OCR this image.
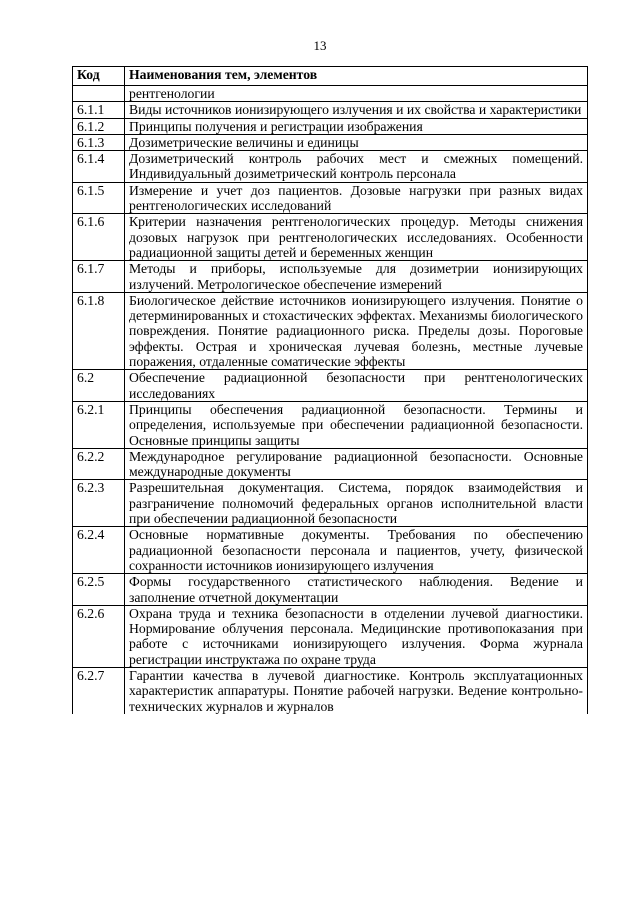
13
Код	Наименования тем, элементов
	рентгенологии
6.1.1	Виды источников ионизирующего излучения и их свойства и характеристики
6.1.2	Принципы получения и регистрации изображения
6.1.3	Дозиметрические величины и единицы
6.1.4	Дозиметрический контроль рабочих мест и смежных помещений. Индивидуальный дозиметрический контроль персонала
6.1.5	Измерение и учет доз пациентов. Дозовые нагрузки при разных видах рентгенологических исследований
6.1.6	Критерии назначения рентгенологических процедур. Методы снижения дозовых нагрузок при рентгенологических исследованиях. Особенности радиационной защиты детей и беременных женщин
6.1.7	Методы и приборы, используемые для дозиметрии ионизирующих излучений. Метрологическое обеспечение измерений
6.1.8	Биологическое действие источников ионизирующего излучения. Понятие о детерминированных и стохастических эффектах. Механизмы биологического повреждения. Понятие радиационного риска. Пределы дозы. Пороговые эффекты. Острая и хроническая лучевая болезнь, местные лучевые поражения, отдаленные соматические эффекты
6.2	Обеспечение радиационной безопасности при рентгенологических исследованиях
6.2.1	Принципы обеспечения радиационной безопасности. Термины и определения, используемые при обеспечении радиационной безопасности. Основные принципы защиты
6.2.2	Международное регулирование радиационной безопасности. Основные международные документы
6.2.3	Разрешительная документация. Система, порядок взаимодействия и разграничение полномочий федеральных органов исполнительной власти при обеспечении радиационной безопасности
6.2.4	Основные нормативные документы. Требования по обеспечению радиационной безопасности персонала и пациентов, учету, физической сохранности источников ионизирующего излучения
6.2.5	Формы государственного статистического наблюдения. Ведение и заполнение отчетной документации
6.2.6	Охрана труда и техника безопасности в отделении лучевой диагностики. Нормирование облучения персонала. Медицинские противопоказания при работе с источниками ионизирующего излучения. Форма журнала регистрации инструктажа по охране труда
6.2.7	Гарантии качества в лучевой диагностике. Контроль эксплуатационных характеристик аппаратуры. Понятие рабочей нагрузки. Ведение контрольно-технических журналов и журналов
